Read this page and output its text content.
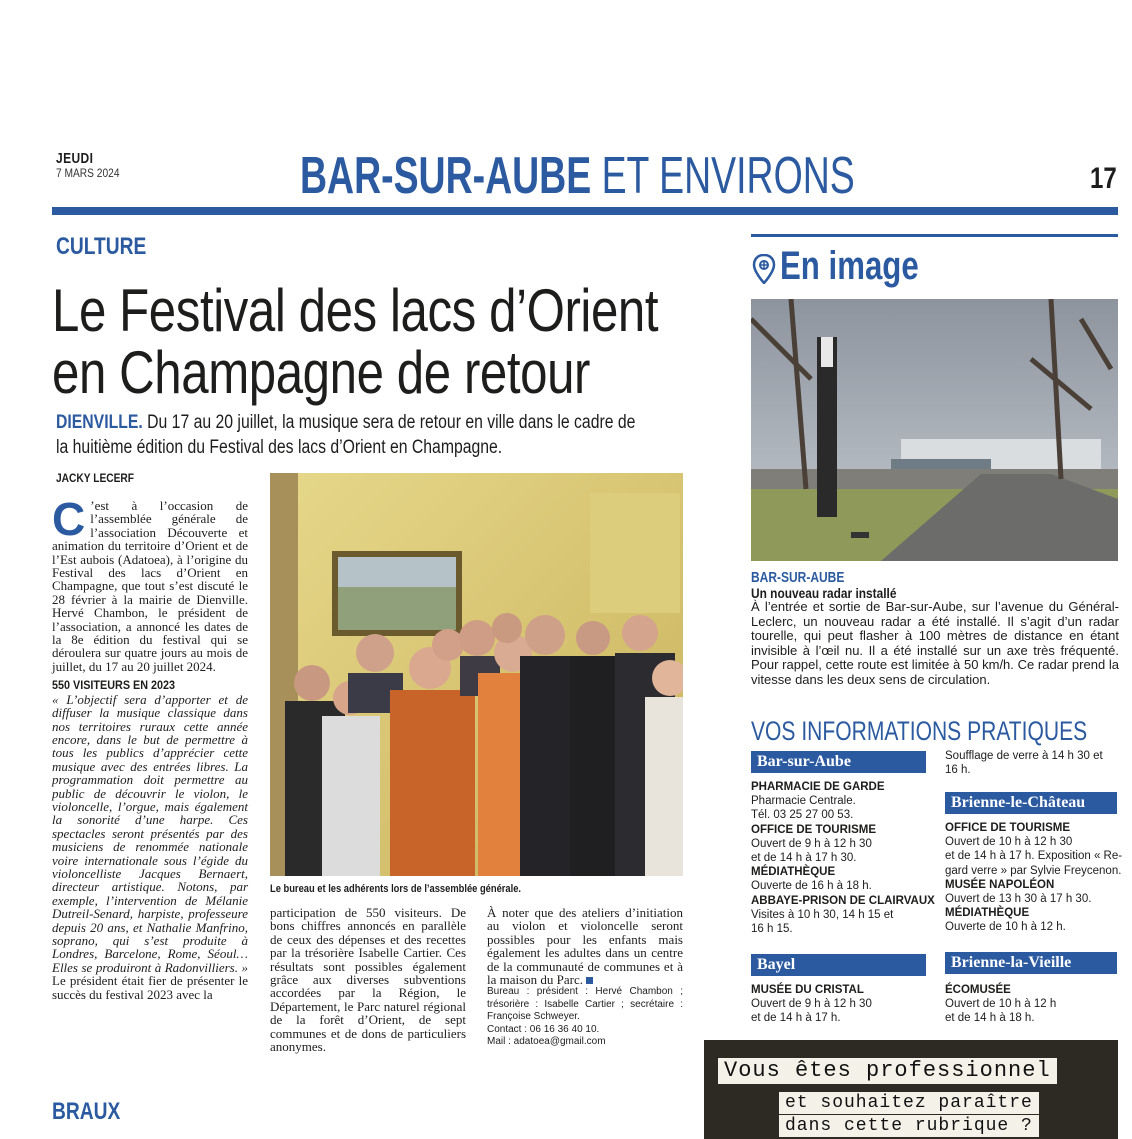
JEUDI
7 MARS 2024	BAR-SUR-AUBE ET ENVIRONS	17
CULTURE
Le Festival des lacs d’Orient
en Champagne de retour
DIENVILLE. Du 17 au 20 juillet, la musique sera de retour en ville dans le cadre de la huitième édition du Festival des lacs d’Orient en Champagne.
JACKY LECERF
C ’est à l’occasion de l’assemblée générale de l’association Découverte et animation du territoire d’Orient et de l’Est aubois (Adatoea), à l’origine du Festival des lacs d’Orient en Champagne, que tout s’est discuté le 28 février à la mairie de Dienville. Hervé Chambon, le président de l’association, a annoncé les dates de la 8e édition du festival qui se déroulera sur quatre jours au mois de juillet, du 17 au 20 juillet 2024.
550 VISITEURS EN 2023
« L’objectif sera d’apporter et de diffuser la musique classique dans nos territoires ruraux cette année encore, dans le but de permettre à tous les publics d’apprécier cette musique avec des entrées libres. La programmation doit permettre au public de découvrir le violon, le violoncelle, l’orgue, mais également la sonorité d’une harpe. Ces spectacles seront présentés par des musiciens de renommée nationale voire internationale sous l’égide du violoncelliste Jacques Bernaert, directeur artistique. Notons, par exemple, l’intervention de Mélanie Dutreil-Senard, harpiste, professeure depuis 20 ans, et Nathalie Manfrino, soprano, qui s’est produite à Londres, Barcelone, Rome, Séoul… Elles se produiront à Radonvilliers. » Le président était fier de présenter le succès du festival 2023 avec la
Le bureau et les adhérents lors de l’assemblée générale.
participation de 550 visiteurs. De bons chiffres annoncés en parallèle de ceux des dépenses et des recettes par la trésorière Isabelle Cartier. Ces résultats sont possibles également grâce aux diverses subventions accordées par la Région, le Département, le Parc naturel régional de la forêt d’Orient, de sept communes et de dons de particuliers anonymes.
À noter que des ateliers d’initiation au violon et violoncelle seront possibles pour les enfants mais également les adultes dans un centre de la communauté de communes et à la maison du Parc.
Bureau : président : Hervé Chambon ; trésorière : Isabelle Cartier ; secrétaire : Françoise Schweyer.
Contact : 06 16 36 40 10.
Mail : adatoea@gmail.com
BRAUX
En image
BAR-SUR-AUBE
Un nouveau radar installé
À l’entrée et sortie de Bar-sur-Aube, sur l’avenue du Général-Leclerc, un nouveau radar a été installé. Il s’agit d’un radar tourelle, qui peut flasher à 100 mètres de distance en étant invisible à l’œil nu. Il a été installé sur un axe très fréquenté. Pour rappel, cette route est limitée à 50 km/h. Ce radar prend la vitesse dans les deux sens de circulation.
VOS INFORMATIONS PRATIQUES
Bar-sur-Aube
PHARMACIE DE GARDE
Pharmacie Centrale.
Tél. 03 25 27 00 53.
OFFICE DE TOURISME
Ouvert de 9 h à 12 h 30
et de 14 h à 17 h 30.
MÉDIATHÈQUE
Ouverte de 16 h à 18 h.
ABBAYE-PRISON DE CLAIRVAUX
Visites à 10 h 30, 14 h 15 et
16 h 15.
Soufflage de verre à 14 h 30 et
16 h.
Brienne-le-Château
OFFICE DE TOURISME
Ouvert de 10 h à 12 h 30
et de 14 h à 17 h. Exposition « Re-
gard verre » par Sylvie Freycenon.
MUSÉE NAPOLÉON
Ouvert de 13 h 30 à 17 h 30.
MÉDIATHÈQUE
Ouverte de 10 h à 12 h.
Bayel
MUSÉE DU CRISTAL
Ouvert de 9 h à 12 h 30
et de 14 h à 17 h.
Brienne-la-Vieille
ÉCOMUSÉE
Ouvert de 10 h à 12 h
et de 14 h à 18 h.
Vous êtes professionnel
et souhaitez paraître
dans cette rubrique ?
